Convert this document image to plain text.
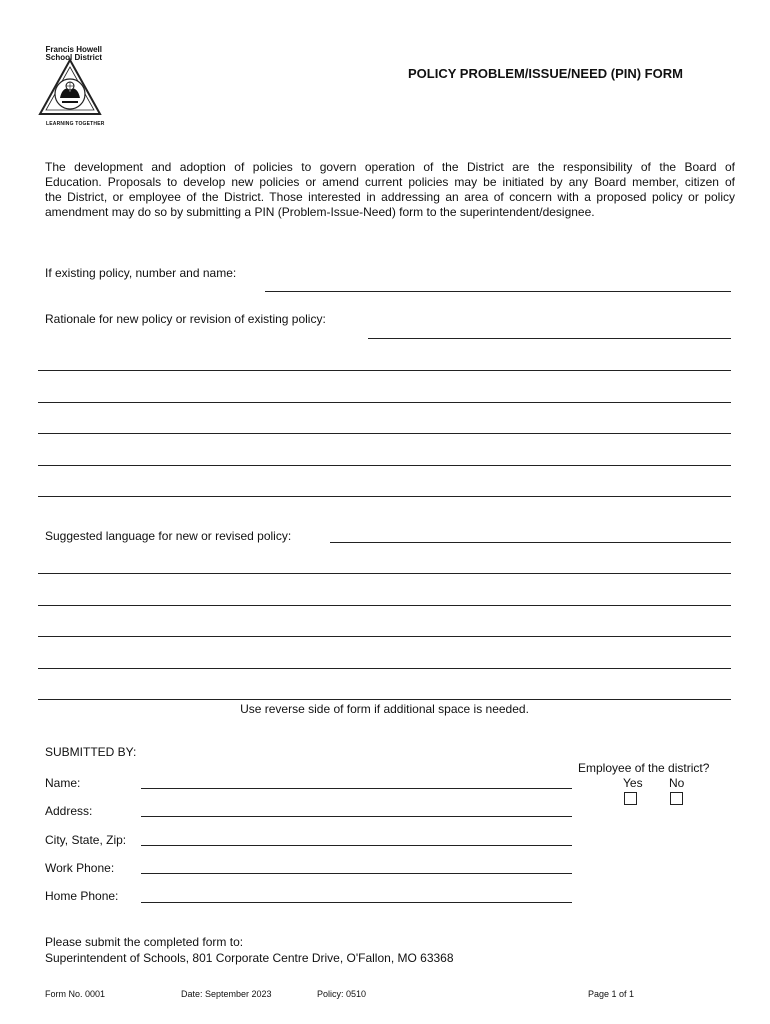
Francis Howell
School District
LEARNING TOGETHER
POLICY PROBLEM/ISSUE/NEED (PIN) FORM
The development and adoption of policies to govern operation of the District are the responsibility of the Board of
Education. Proposals to develop new policies or amend current policies may be initiated by any Board member, citizen of
the District, or employee of the District. Those interested in addressing an area of concern with a proposed policy or policy
amendment may do so by submitting a PIN (Problem-Issue-Need) form to the superintendent/designee.
If existing policy, number and name:
Rationale for new policy or revision of existing policy:
Suggested language for new or revised policy:
Use reverse side of form if additional space is needed.
SUBMITTED BY:
Name:
Address:
City, State, Zip:
Work Phone:
Home Phone:
Employee of the district?
Yes No
Please submit the completed form to:
Superintendent of Schools, 801 Corporate Centre Drive, O'Fallon, MO 63368
Form No. 0001	Date: September 2023	Policy: 0510	Page 1 of 1
